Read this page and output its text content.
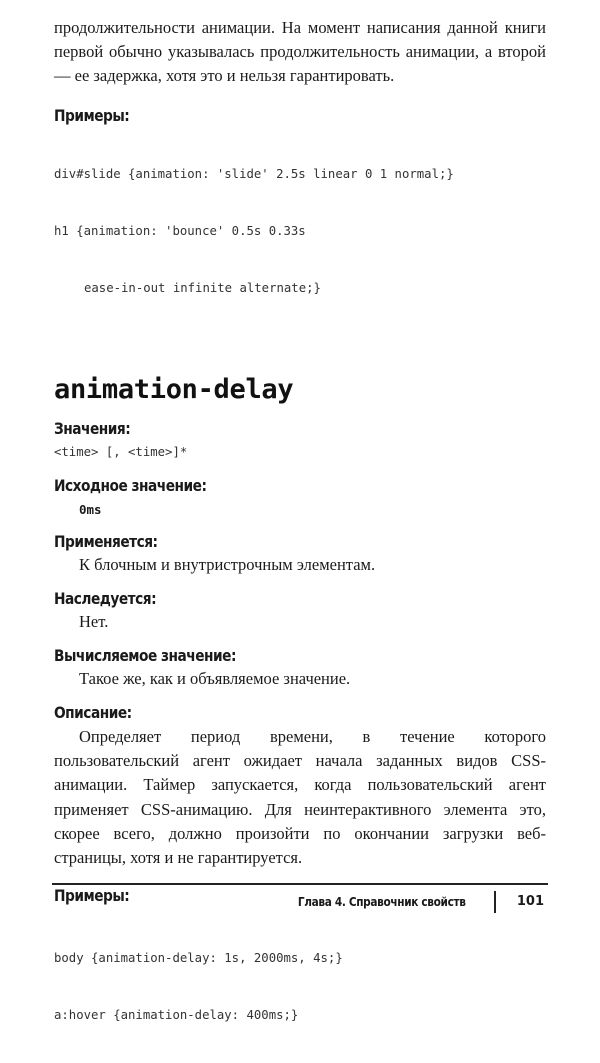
продолжительности анимации. На момент написания данной книги первой обычно указывалась продолжительность анимации, а второй — ее задержка, хотя это и нельзя гарантировать.

Примеры:

div#slide {animation: 'slide' 2.5s linear 0 1 normal;}

h1 {animation: 'bounce' 0.5s 0.33s

ease-in-out infinite alternate;}

animation-delay

Значения:

<time> [, <time>]*

Исходное значение:

0ms

Применяется:

К блочным и внутристрочным элементам.

Наследуется:

Нет.

Вычисляемое значение:

Такое же, как и объявляемое значение.

Описание:

Определяет период времени, в течение которого пользовательский агент ожидает начала заданных видов CSS-анимации. Таймер запускается, когда пользовательский агент применяет CSS-анимацию. Для неинтерактивного элемента это, скорее всего, должно произойти по окончании загрузки веб-страницы, хотя и не гарантируется.

Примеры:

body {animation-delay: 1s, 2000ms, 4s;}

a:hover {animation-delay: 400ms;}

Глава 4. Справочник свойств	101
